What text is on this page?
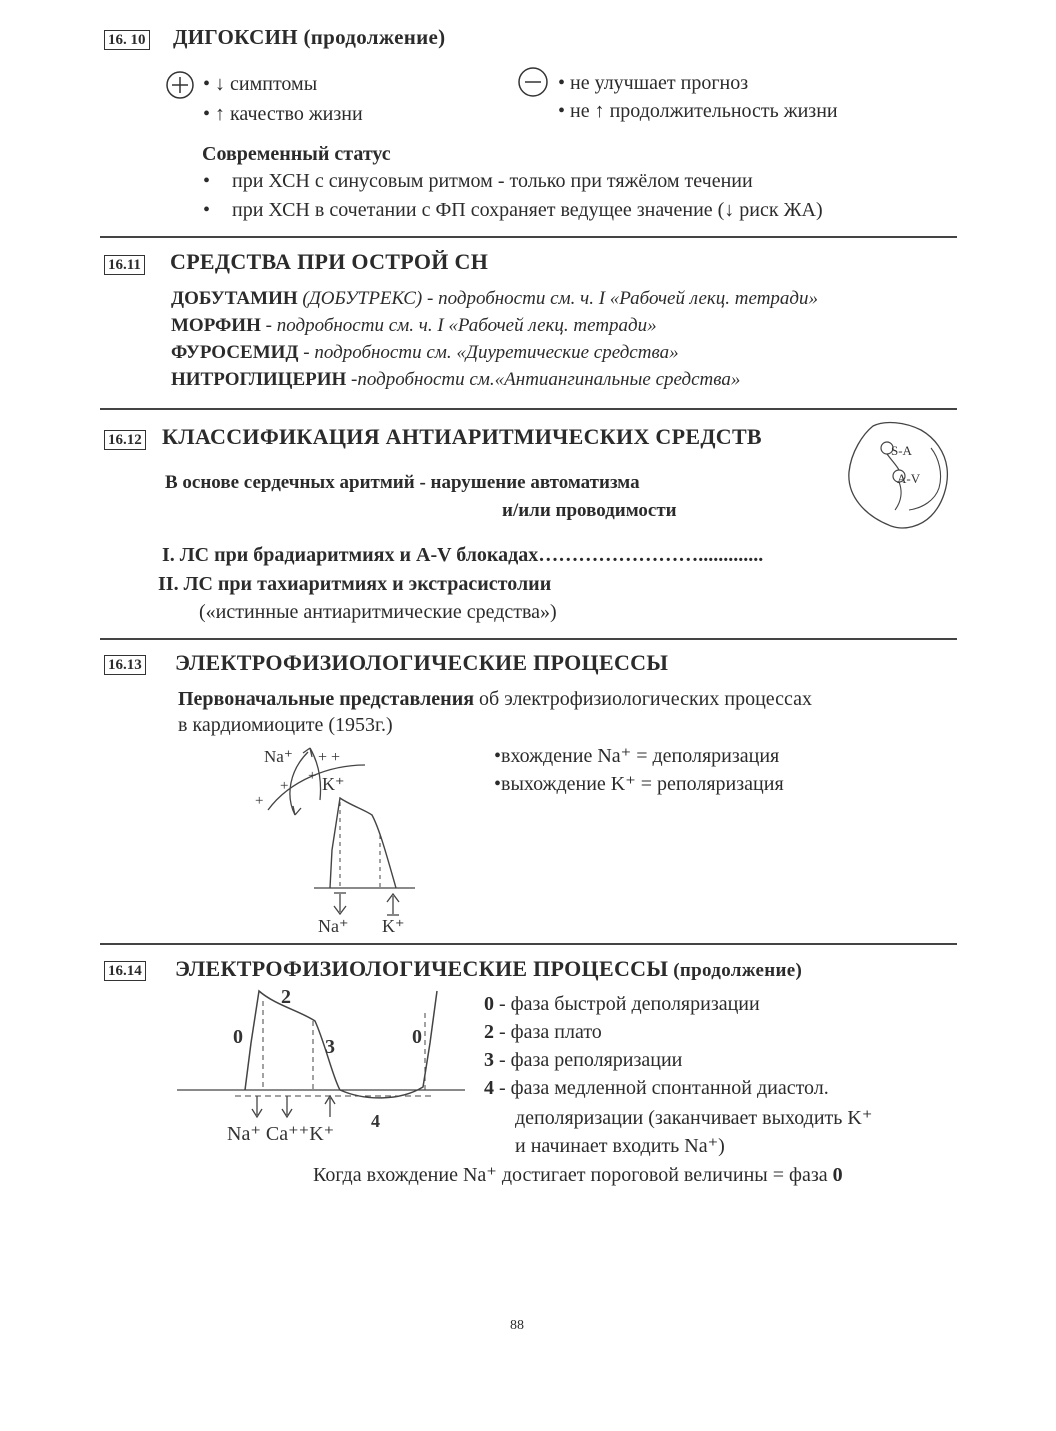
16. 10 ДИГОКСИН (продолжение)
• ↓ симптомы
• ↑ качество жизни
• не улучшает прогноз
• не ↑ продолжительность жизни
Современный статус
• при ХСН с синусовым ритмом - только при тяжёлом течении
• при ХСН в сочетании с ФП сохраняет ведущее значение (↓ риск ЖА)
16.11 СРЕДСТВА ПРИ ОСТРОЙ СН
ДОБУТАМИН (ДОБУТРЕКС) - подробности см. ч. I «Рабочей лекц. тетради»
МОРФИН - подробности см. ч. I «Рабочей лекц. тетради»
ФУРОСЕМИД - подробности см. «Диуретические средства»
НИТРОГЛИЦЕРИН -подробности см.«Антиангинальные средства»
16.12 КЛАССИФИКАЦИЯ АНТИАРИТМИЧЕСКИХ СРЕДСТВ
В основе сердечных аритмий - нарушение автоматизма
и/или проводимости
S-A
A-V
I. ЛС при брадиаритмиях и A-V блокадах…………………….............
II. ЛС при тахиаритмиях и экстрасистолии
(«истинные антиаритмические средства»)
16.13 ЭЛЕКТРОФИЗИОЛОГИЧЕСКИЕ ПРОЦЕССЫ
Первоначальные представления об электрофизиологических процессах
в кардиомиоците (1953г.)
•вхождение Na⁺ = деполяризация
•выхождение K⁺ = реполяризация
Na⁺ + +
K⁺
+
+
+
Na⁺ K⁺
16.14 ЭЛЕКТРОФИЗИОЛОГИЧЕСКИЕ ПРОЦЕССЫ (продолжение)
0
2
3	0
4
Na⁺ Ca⁺⁺K⁺
0 - фаза быстрой деполяризации
2 - фаза плато
3 - фаза реполяризации
4 - фаза медленной спонтанной диастол.
деполяризации (заканчивает выходить K⁺
и начинает входить Na⁺)
Когда вхождение Na⁺ достигает пороговой величины = фаза 0
88
